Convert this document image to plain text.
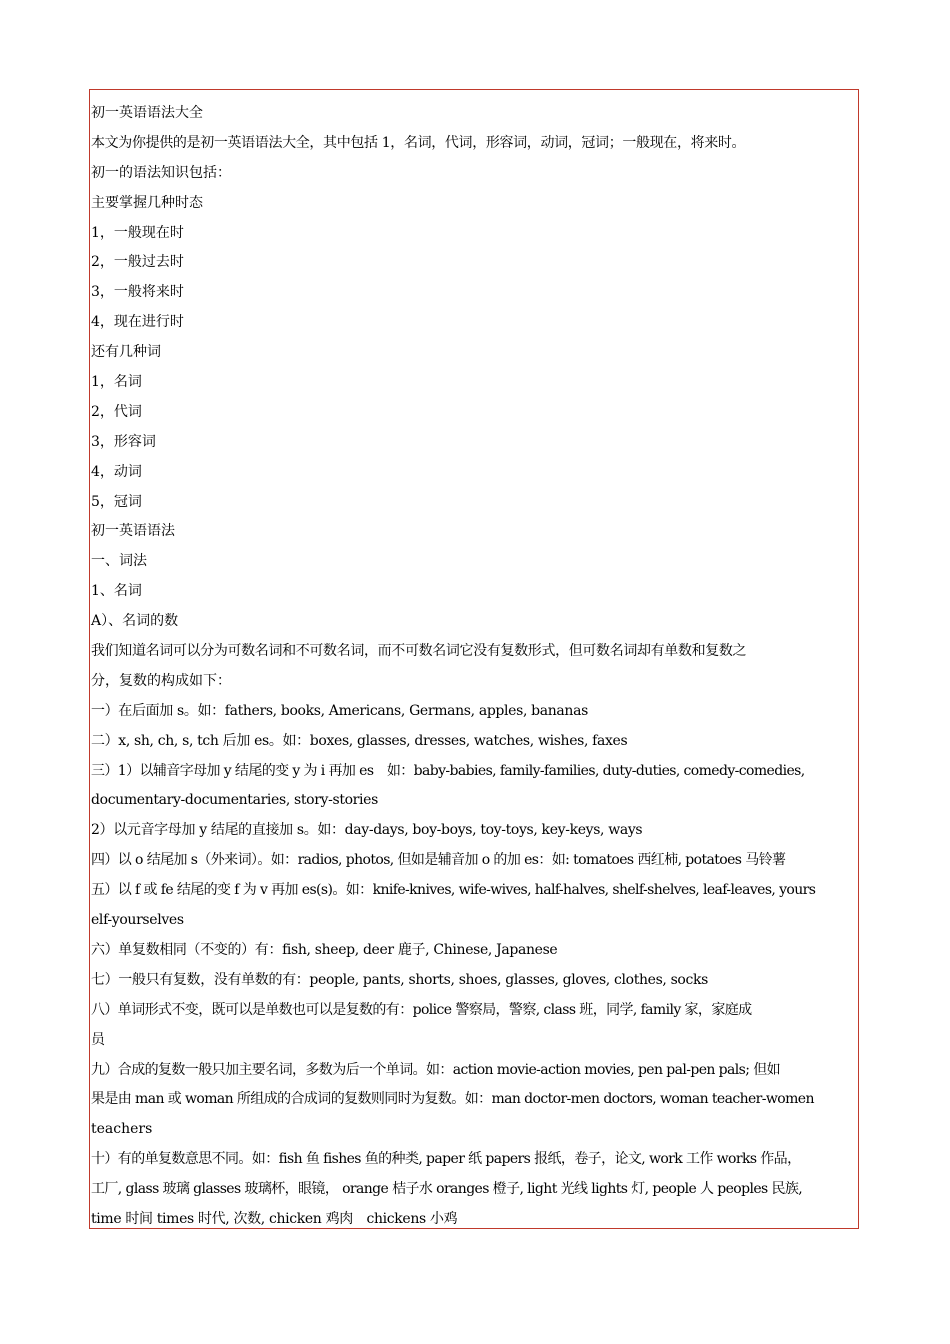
初一英语语法大全
本文为你提供的是初一英语语法大全，其中包括 1，名词，代词，形容词，动词，冠词；一般现在，将来时。
初一的语法知识包括：
主要掌握几种时态
1，一般现在时
2，一般过去时
3，一般将来时
4，现在进行时
还有几种词
1，名词
2，代词
3，形容词
4，动词
5，冠词
初一英语语法
一、词法
1、名词
A）、名词的数
我们知道名词可以分为可数名词和不可数名词，而不可数名词它没有复数形式，但可数名词却有单数和复数之
分，复数的构成如下：
一）在后面加 s。如：fathers, books, Americans, Germans, apples, bananas
二）x, sh, ch, s, tch 后加 es。如：boxes, glasses, dresses, watches, wishes, faxes
三）1）以辅音字母加 y 结尾的变 y 为 i 再加 es　如：baby-babies, family-families, duty-duties, comedy-comedies,
documentary-documentaries, story-stories
2）以元音字母加 y 结尾的直接加 s。如：day-days, boy-boys, toy-toys, key-keys, ways
四）以 o 结尾加 s（外来词）。如：radios, photos, 但如是辅音加 o 的加 es：如: tomatoes 西红柿, potatoes 马铃薯
五）以 f 或 fe 结尾的变 f 为 v 再加 es(s)。如：knife-knives, wife-wives, half-halves, shelf-shelves, leaf-leaves, yours
elf-yourselves
六）单复数相同（不变的）有：fish, sheep, deer 鹿子, Chinese, Japanese
七）一般只有复数，没有单数的有：people, pants, shorts, shoes, glasses, gloves, clothes, socks
八）单词形式不变，既可以是单数也可以是复数的有：police 警察局，警察, class 班，同学, family 家，家庭成
员
九）合成的复数一般只加主要名词，多数为后一个单词。如：action movie-action movies, pen pal-pen pals; 但如
果是由 man 或 woman 所组成的合成词的复数则同时为复数。如：man doctor-men doctors, woman teacher-women
teachers
十）有的单复数意思不同。如：fish 鱼 fishes 鱼的种类, paper 纸 papers 报纸，卷子，论文, work 工作 works 作品，
工厂, glass 玻璃 glasses 玻璃杯，眼镜， orange 桔子水 oranges 橙子, light 光线 lights 灯, people 人 peoples 民族,
time 时间 times 时代, 次数, chicken 鸡肉　chickens 小鸡
